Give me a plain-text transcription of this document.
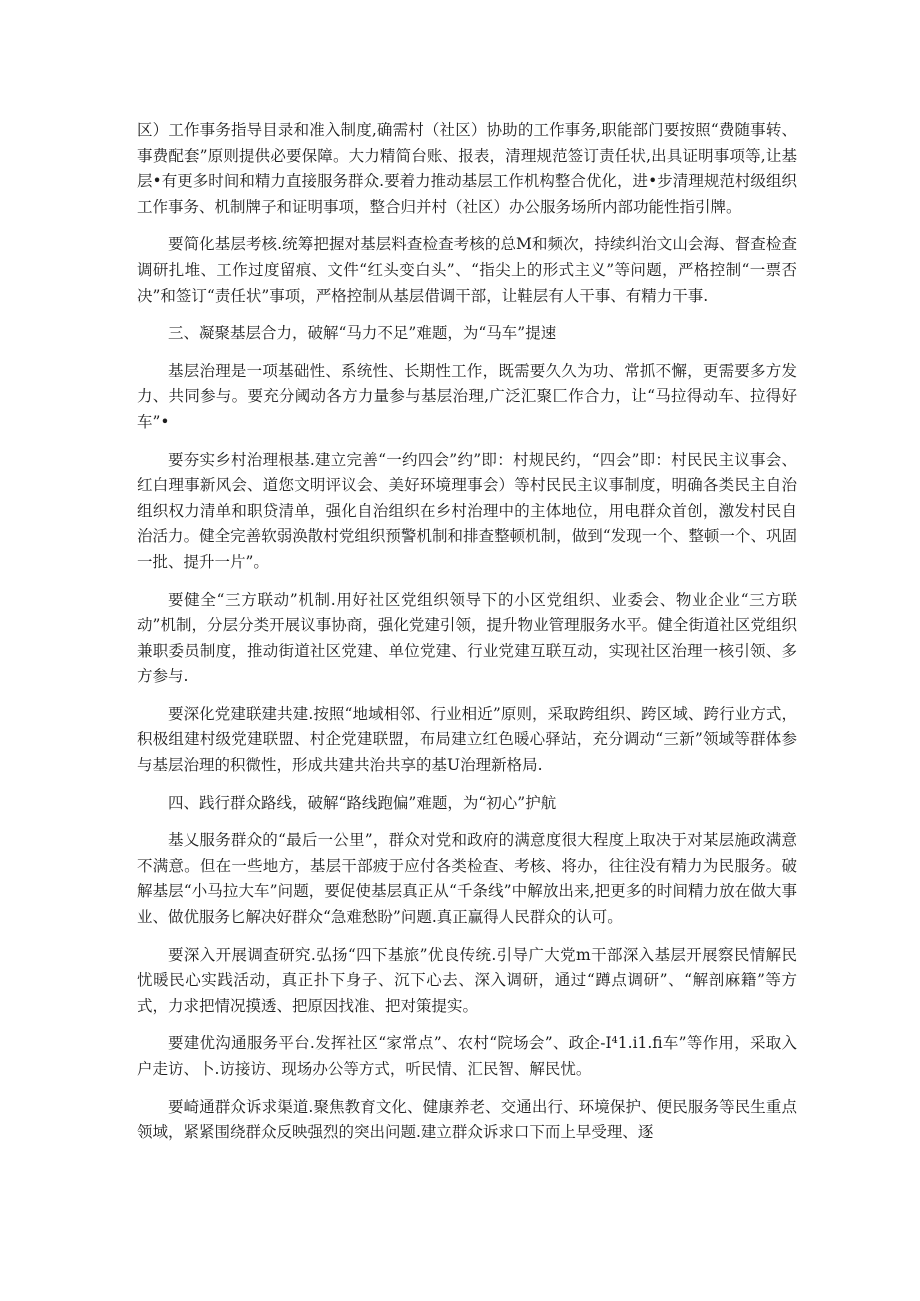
区）工作事务指导目录和准入制度,确需村（社区）协助的工作事务,职能部门要按照“费随事转、事费配套”原则提供必要保障。大力精简台账、报表，清理规范签订责任状,出具证明事项等,让基层•有更多时间和精力直接服务群众.要着力推动基层工作机构整合优化，进•步清理规范村级组织工作事务、机制牌子和证明事项，整合归并村（社区）办公服务场所内部功能性指引牌。

要简化基层考核.统筹把握对基层料查检查考核的总M和频次，持续纠治文山会海、督查检查调研扎堆、工作过度留痕、文件“红头变白头”、“指尖上的形式主义”等问题，严格控制“一票否决”和签订“责任状”事项，严格控制从基层借调干部，让鞋层有人干事、有精力干事.

三、凝聚基层合力，破解“马力不足”难题，为“马车”提速

基层治理是一项基础性、系统性、长期性工作，既需要久久为功、常抓不懈，更需要多方发力、共同参与。要充分阈动各方力量参与基层治理,广泛汇聚匚作合力，让“马拉得动车、拉得好车”•

要夯实乡村治理根基.建立完善“一约四会”约”即：村规民约，“四会”即：村民民主议事会、红白理事新风会、道您文明评议会、美好环境理事会）等村民民主议事制度，明确各类民主自治组织权力清单和职贷清单，强化自治组织在乡村治理中的主体地位，用电群众首创，激发村民自治活力。健全完善软弱涣散村党组织预警机制和排查整顿机制，做到“发现一个、整顿一个、巩固一批、提升一片”。

要健全“三方联动”机制.用好社区党组织领导下的小区党组织、业委会、物业企业“三方联动”机制，分层分类开展议事协商，强化党建引领，提升物业管理服务水平。健全街道社区党组织兼职委员制度，推动街道社区党建、单位党建、行业党建互联互动，实现社区治理一核引领、多方参与.

要深化党建联建共建.按照“地域相邻、行业相近”原则，采取跨组织、跨区域、跨行业方式，积极组建村级党建联盟、村企党建联盟，布局建立红色暖心驿站，充分调动“三新”领域等群体参与基层治理的积微性，形成共建共治共享的基U治理新格局.

四、践行群众路线，破解“路线跑偏”难题，为“初心”护航

基乂服务群众的“最后一公里”，群众对党和政府的满意度很大程度上取决于对某层施政满意不满意。但在一些地方，基层干部疲于应付各类检查、考核、将办，往往没有精力为民服务。破解基层“小马拉大车”问题，要促使基层真正从“千条线”中解放出来,把更多的时间精力放在做大事业、做优服务匕解决好群众“急难愁盼”问题.真正赢得人民群众的认可。

要深入开展调查研究.弘扬“四下基旅”优良传统.引导广大党m干部深入基层开展察民情解民忧暖民心实践活动，真正扑下身子、沉下心去、深入调研，通过“蹲点调研”、“解剖麻籍”等方式，力求把情况摸透、把原因找准、把对策提实。

要建优沟通服务平台.发挥社区“家常点”、农村“院场会”、政企-I⁴1.i1.fi车”等作用，采取入户走访、卜.访接访、现场办公等方式，听民情、汇民智、解民忧。

要崎通群众诉求渠道.聚焦教育文化、健康养老、交通出行、环境保护、便民服务等民生重点领域，紧紧围绕群众反映强烈的突出问题.建立群众诉求口下而上早受理、逐
